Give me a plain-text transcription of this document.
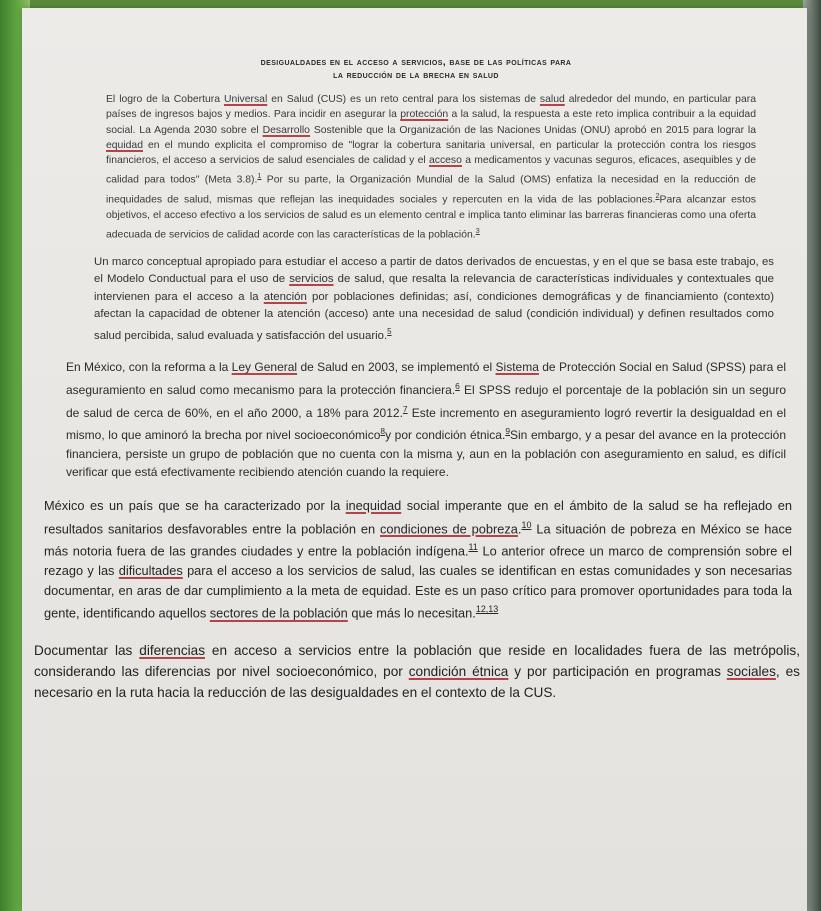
desigualdades en el acceso a servicios, base de las políticas para
la reducción de la brecha en salud

El logro de la Cobertura Universal en Salud (CUS) es un reto central para los sistemas de salud alrededor del mundo, en particular para países de ingresos bajos y medios. Para incidir en asegurar la protección a la salud, la respuesta a este reto implica contribuir a la equidad social. La Agenda 2030 sobre el Desarrollo Sostenible que la Organización de las Naciones Unidas (ONU) aprobó en 2015 para lograr la equidad en el mundo explicita el compromiso de "lograr la cobertura sanitaria universal, en particular la protección contra los riesgos financieros, el acceso a servicios de salud esenciales de calidad y el acceso a medicamentos y vacunas seguros, eficaces, asequibles y de calidad para todos" (Meta 3.8).$^1$ Por su parte, la Organización Mundial de la Salud (OMS) enfatiza la necesidad en la reducción de inequidades de salud, mismas que reflejan las inequidades sociales y repercuten en la vida de las poblaciones.$^2$Para alcanzar estos objetivos, el acceso efectivo a los servicios de salud es un elemento central e implica tanto eliminar las barreras financieras como una oferta adecuada de servicios de calidad acorde con las características de la población.$^3$

Un marco conceptual apropiado para estudiar el acceso a partir de datos derivados de encuestas, y en el que se basa este trabajo, es el Modelo Conductual para el uso de servicios de salud, que resalta la relevancia de características individuales y contextuales que intervienen para el acceso a la atención por poblaciones definidas; así, condiciones demográficas y de financiamiento (contexto) afectan la capacidad de obtener la atención (acceso) ante una necesidad de salud (condición individual) y definen resultados como salud percibida, salud evaluada y satisfacción del usuario.$^5$

En México, con la reforma a la Ley General de Salud en 2003, se implementó el Sistema de Protección Social en Salud (SPSS) para el aseguramiento en salud como mecanismo para la protección financiera.$^6$ El SPSS redujo el porcentaje de la población sin un seguro de salud de cerca de 60%, en el año 2000, a 18% para 2012.$^7$ Este incremento en aseguramiento logró revertir la desigualdad en el mismo, lo que aminoró la brecha por nivel socioeconómico$^8$y por condición étnica.$^9$Sin embargo, y a pesar del avance en la protección financiera, persiste un grupo de población que no cuenta con la misma y, aun en la población con aseguramiento en salud, es difícil verificar que está efectivamente recibiendo atención cuando la requiere.

México es un país que se ha caracterizado por la inequidad social imperante que en el ámbito de la salud se ha reflejado en resultados sanitarios desfavorables entre la población en condiciones de pobreza.$^{10}$ La situación de pobreza en México se hace más notoria fuera de las grandes ciudades y entre la población indígena.$^{11}$ Lo anterior ofrece un marco de comprensión sobre el rezago y las dificultades para el acceso a los servicios de salud, las cuales se identifican en estas comunidades y son necesarias documentar, en aras de dar cumplimiento a la meta de equidad. Este es un paso crítico para promover oportunidades para toda la gente, identificando aquellos sectores de la población que más lo necesitan.$^{12,13}$

Documentar las diferencias en acceso a servicios entre la población que reside en localidades fuera de las metrópolis, considerando las diferencias por nivel socioeconómico, por condición étnica y por participación en programas sociales, es necesario en la ruta hacia la reducción de las desigualdades en el contexto de la CUS.
